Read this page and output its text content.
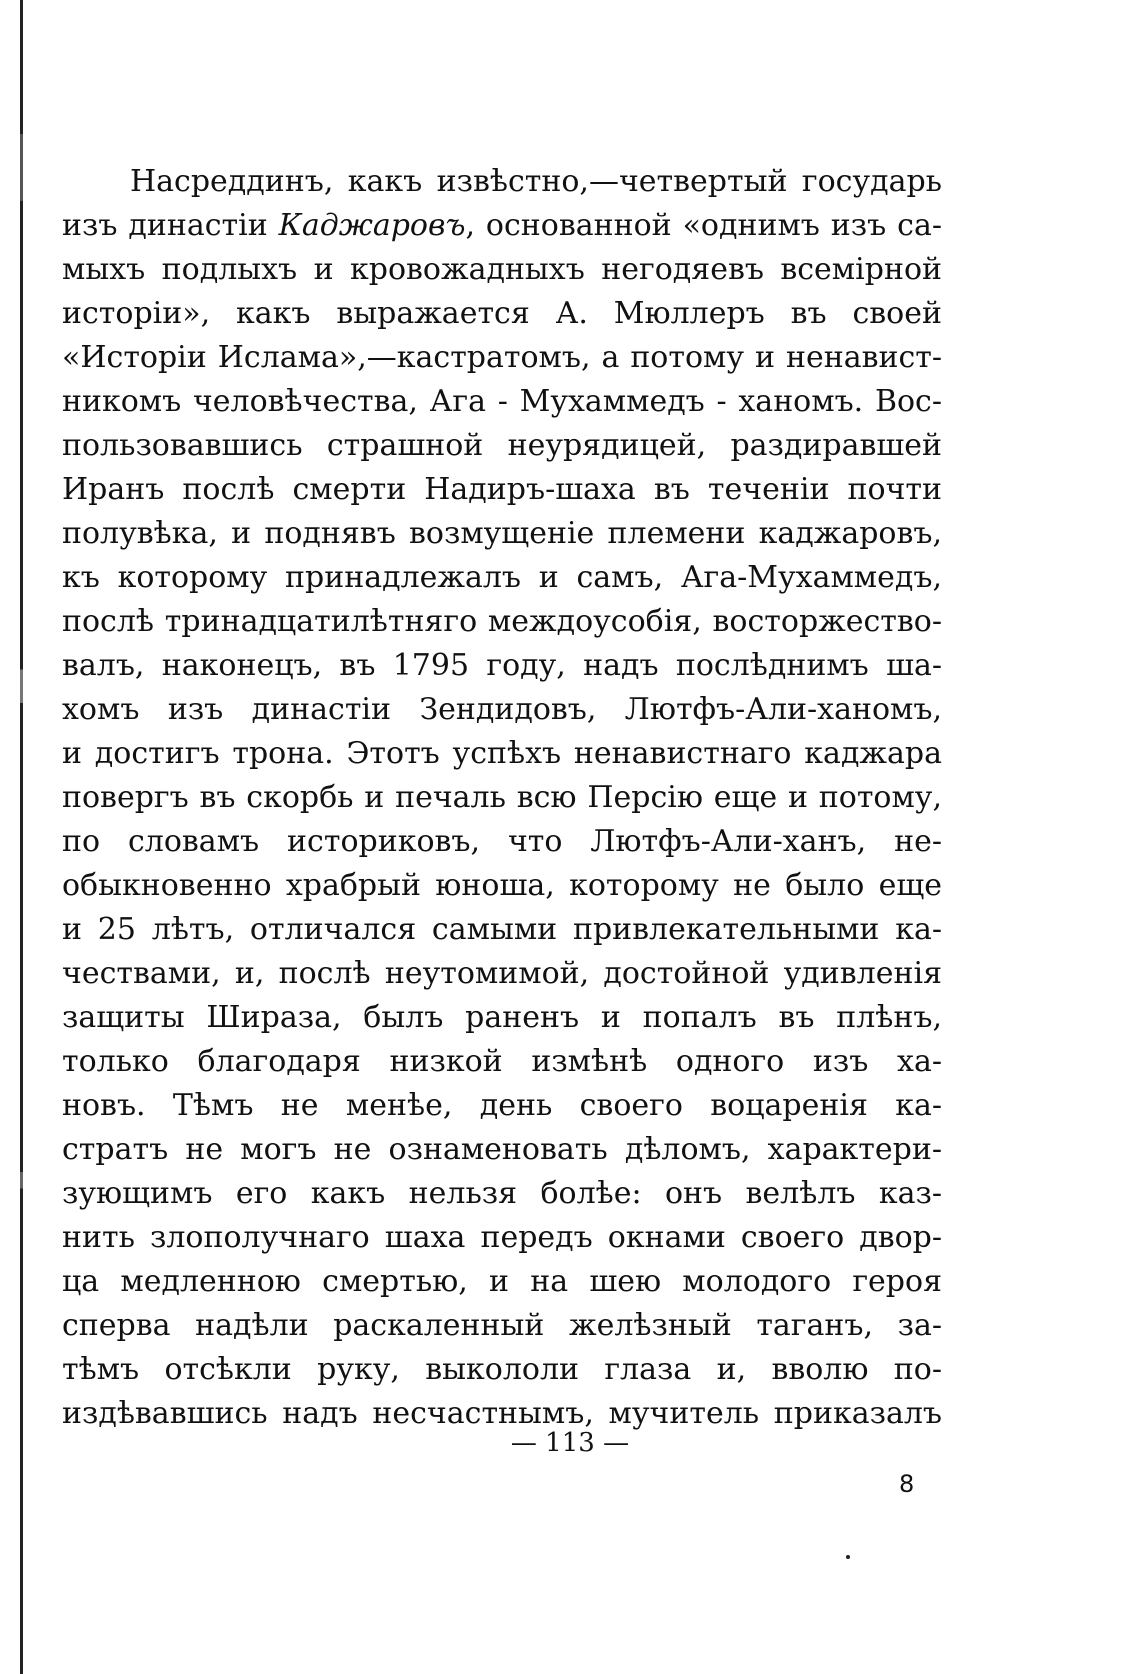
Насреддинъ, какъ извѣстно,—четвертый государь
изъ династіи Каджаровъ, основанной «однимъ изъ са-
мыхъ подлыхъ и кровожадныхъ негодяевъ всемірной
исторіи», какъ выражается А. Мюллеръ въ своей
«Исторіи Ислама»,—кастратомъ, а потому и ненавист-
никомъ человѣчества, Ага - Мухаммедъ - ханомъ. Вос-
пользовавшись страшной неурядицей, раздиравшей
Иранъ послѣ смерти Надиръ-шаха въ теченіи почти
полувѣка, и поднявъ возмущеніе племени каджаровъ,
къ которому принадлежалъ и самъ, Ага-Мухаммедъ,
послѣ тринадцатилѣтняго междоусобія, восторжество-
валъ, наконецъ, въ 1795 году, надъ послѣднимъ ша-
хомъ изъ династіи Зендидовъ, Лютфъ-Али-ханомъ,
и достигъ трона. Этотъ успѣхъ ненавистнаго каджара
повергъ въ скорбь и печаль всю Персію еще и потому,
по словамъ историковъ, что Лютфъ-Али-ханъ, не-
обыкновенно храбрый юноша, которому не было еще
и 25 лѣтъ, отличался самыми привлекательными ка-
чествами, и, послѣ неутомимой, достойной удивленія
защиты Шираза, былъ раненъ и попалъ въ плѣнъ,
только благодаря низкой измѣнѣ одного изъ ха-
новъ. Тѣмъ не менѣе, день своего воцаренія ка-
стратъ не могъ не ознаменовать дѣломъ, характери-
зующимъ его какъ нельзя болѣе: онъ велѣлъ каз-
нить злополучнаго шаха передъ окнами своего двор-
ца медленною смертью, и на шею молодого героя
сперва надѣли раскаленный желѣзный таганъ, за-
тѣмъ отсѣкли руку, выкололи глаза и, вволю по-
издѣвавшись надъ несчастнымъ, мучитель приказалъ
— 113 —
8
